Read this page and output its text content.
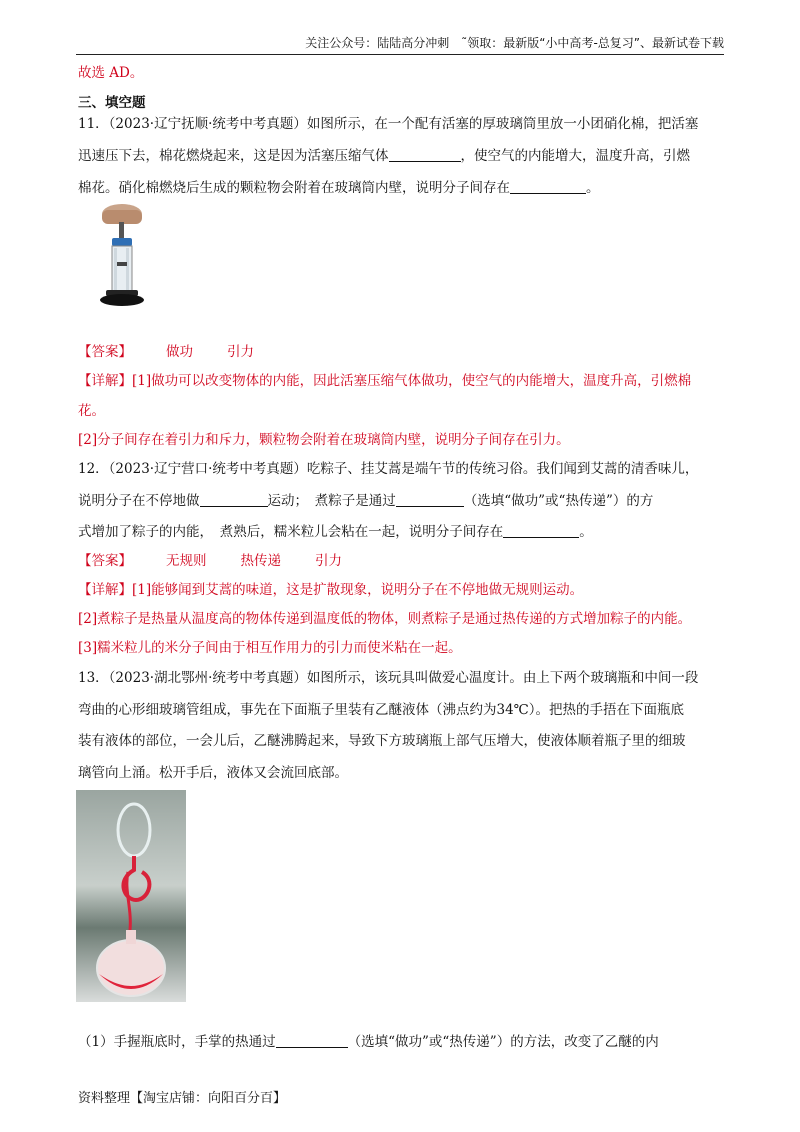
关注公众号：陆陆高分冲刺　˜领取：最新版“小中高考-总复习”、最新试卷下载
故选 AD。
三、填空题
11．（2023·辽宁抚顺·统考中考真题）如图所示，在一个配有活塞的厚玻璃筒里放一小团硝化棉，把活塞
迅速压下去，棉花燃烧起来，这是因为活塞压缩气体	，使空气的内能增大，温度升高，引燃
棉花。硝化棉燃烧后生成的颗粒物会附着在玻璃筒内壁，说明分子间存在	。
【答案】	做功	引力
【详解】[1]做功可以改变物体的内能，因此活塞压缩气体做功，使空气的内能增大，温度升高，引燃棉
花。
[2]分子间存在着引力和斥力，颗粒物会附着在玻璃筒内壁，说明分子间存在引力。
12．（2023·辽宁营口·统考中考真题）吃粽子、挂艾蒿是端午节的传统习俗。我们闻到艾蒿的清香味儿，
说明分子在不停地做	运动；　煮粽子是通过	（选填“做功”或“热传递”）的方
式增加了粽子的内能，　煮熟后，糯米粒儿会粘在一起，说明分子间存在	。
【答案】	无规则	热传递	引力
【详解】[1]能够闻到艾蒿的味道，这是扩散现象，说明分子在不停地做无规则运动。
[2]煮粽子是热量从温度高的物体传递到温度低的物体，则煮粽子是通过热传递的方式增加粽子的内能。
[3]糯米粒儿的米分子间由于相互作用力的引力而使米粘在一起。
13．（2023·湖北鄂州·统考中考真题）如图所示，该玩具叫做爱心温度计。由上下两个玻璃瓶和中间一段
弯曲的心形细玻璃管组成，事先在下面瓶子里装有乙醚液体（沸点约为34℃）。把热的手捂在下面瓶底
装有液体的部位，一会儿后，乙醚沸腾起来，导致下方玻璃瓶上部气压增大，使液体顺着瓶子里的细玻
璃管向上涌。松开手后，液体又会流回底部。
（1）手握瓶底时，手掌的热通过	（选填“做功”或“热传递”）的方法，改变了乙醚的内
资料整理【淘宝店铺：向阳百分百】
